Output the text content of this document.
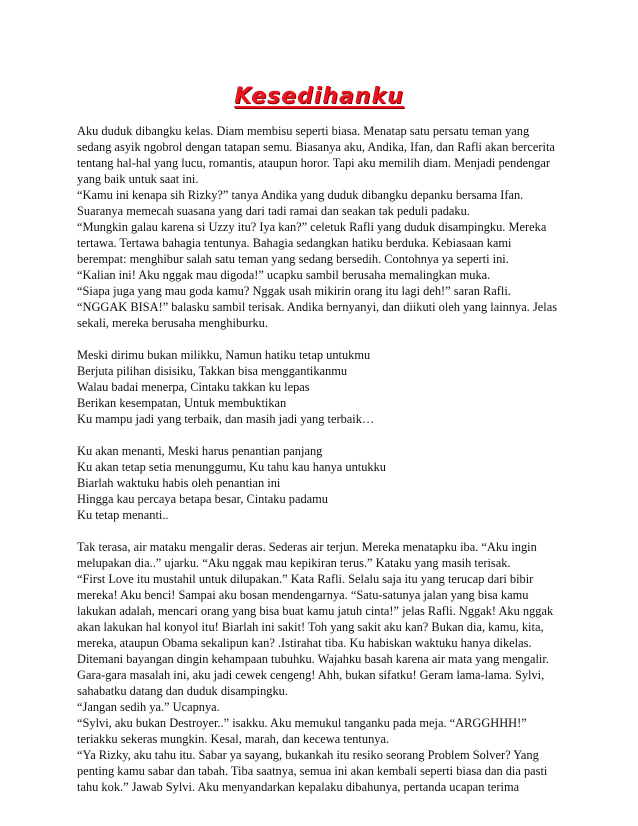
Kesedihanku

Aku duduk dibangku kelas. Diam membisu seperti biasa. Menatap satu persatu teman yang

sedang asyik ngobrol dengan tatapan semu. Biasanya aku, Andika, Ifan, dan Rafli akan bercerita

tentang hal-hal yang lucu, romantis, ataupun horor. Tapi aku memilih diam. Menjadi pendengar

yang baik untuk saat ini.

“Kamu ini kenapa sih Rizky?” tanya Andika yang duduk dibangku depanku bersama Ifan.

Suaranya memecah suasana yang dari tadi ramai dan seakan tak peduli padaku.

“Mungkin galau karena si Uzzy itu? Iya kan?” celetuk Rafli yang duduk disampingku. Mereka

tertawa. Tertawa bahagia tentunya. Bahagia sedangkan hatiku berduka. Kebiasaan kami

berempat: menghibur salah satu teman yang sedang bersedih. Contohnya ya seperti ini.

“Kalian ini! Aku nggak mau digoda!” ucapku sambil berusaha memalingkan muka.

“Siapa juga yang mau goda kamu? Nggak usah mikirin orang itu lagi deh!” saran Rafli.

“NGGAK BISA!” balasku sambil terisak. Andika bernyanyi, dan diikuti oleh yang lainnya. Jelas

sekali, mereka berusaha menghiburku.

Meski dirimu bukan milikku, Namun hatiku tetap untukmu

Berjuta pilihan disisiku, Takkan bisa menggantikanmu

Walau badai menerpa, Cintaku takkan ku lepas

Berikan kesempatan, Untuk membuktikan

Ku mampu jadi yang terbaik, dan masih jadi yang terbaik…

Ku akan menanti, Meski harus penantian panjang

Ku akan tetap setia menunggumu, Ku tahu kau hanya untukku

Biarlah waktuku habis oleh penantian ini

Hingga kau percaya betapa besar, Cintaku padamu

Ku tetap menanti..

Tak terasa, air mataku mengalir deras. Sederas air terjun. Mereka menatapku iba. “Aku ingin

melupakan dia..” ujarku. “Aku nggak mau kepikiran terus.” Kataku yang masih terisak.

“First Love itu mustahil untuk dilupakan.” Kata Rafli. Selalu saja itu yang terucap dari bibir

mereka! Aku benci! Sampai aku bosan mendengarnya. “Satu-satunya jalan yang bisa kamu

lakukan adalah, mencari orang yang bisa buat kamu jatuh cinta!” jelas Rafli. Nggak! Aku nggak

akan lakukan hal konyol itu! Biarlah ini sakit! Toh yang sakit aku kan? Bukan dia, kamu, kita,

mereka, ataupun Obama sekalipun kan? .Istirahat tiba. Ku habiskan waktuku hanya dikelas.

Ditemani bayangan dingin kehampaan tubuhku. Wajahku basah karena air mata yang mengalir.

Gara-gara masalah ini, aku jadi cewek cengeng! Ahh, bukan sifatku! Geram lama-lama. Sylvi,

sahabatku datang dan duduk disampingku.

“Jangan sedih ya.” Ucapnya.

“Sylvi, aku bukan Destroyer..” isakku. Aku memukul tanganku pada meja. “ARGGHHH!”

teriakku sekeras mungkin. Kesal, marah, dan kecewa tentunya.

“Ya Rizky, aku tahu itu. Sabar ya sayang, bukankah itu resiko seorang Problem Solver? Yang

penting kamu sabar dan tabah. Tiba saatnya, semua ini akan kembali seperti biasa dan dia pasti

tahu kok.” Jawab Sylvi. Aku menyandarkan kepalaku dibahunya, pertanda ucapan terima
